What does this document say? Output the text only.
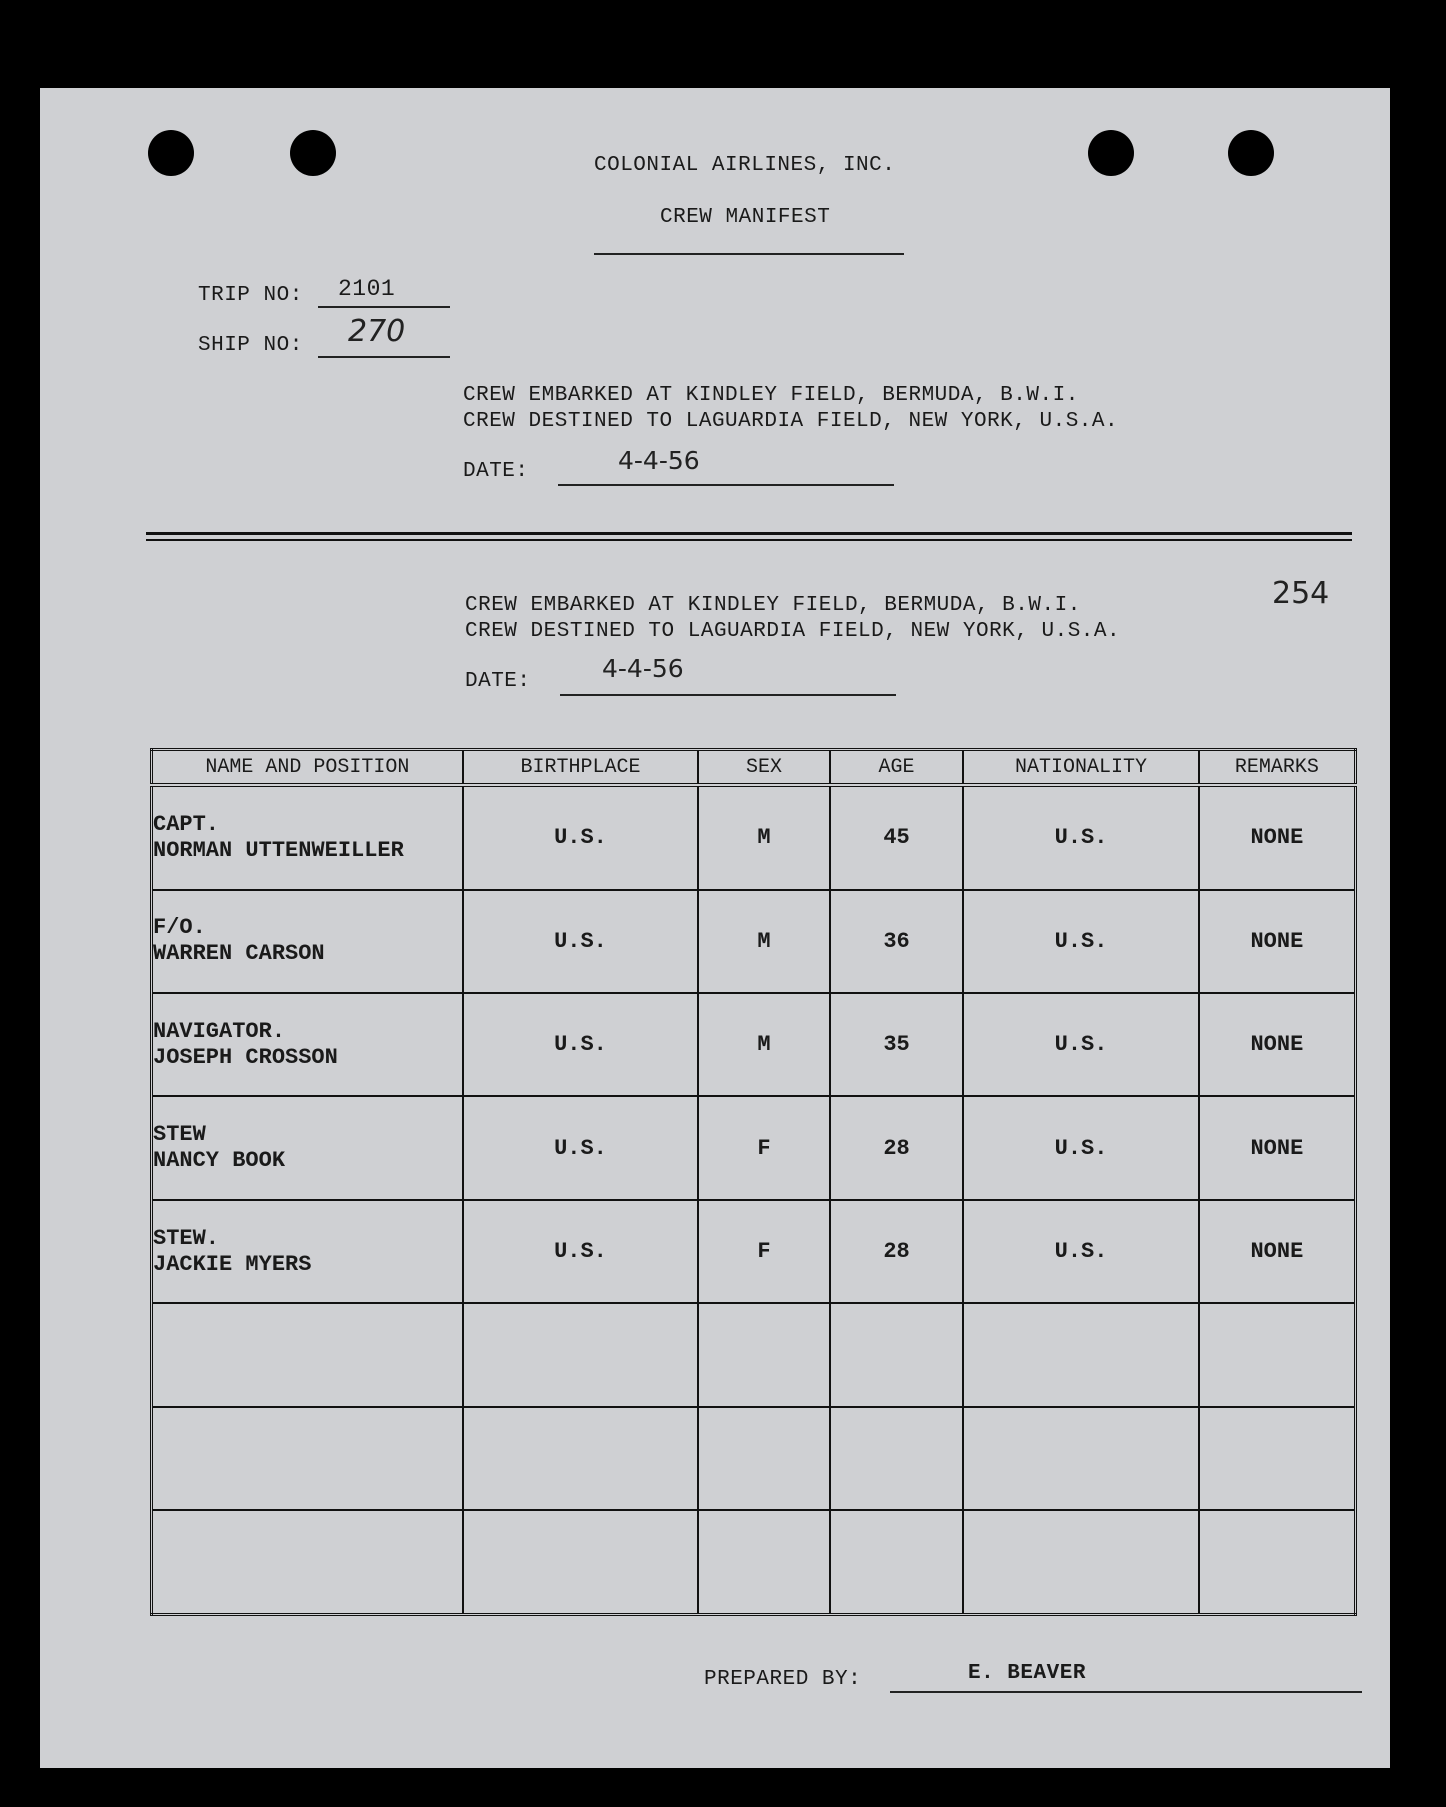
COLONIAL AIRLINES, INC.
CREW MANIFEST
TRIP NO: 2101
SHIP NO: 270
CREW EMBARKED AT KINDLEY FIELD, BERMUDA, B.W.I.
CREW DESTINED TO LAGUARDIA FIELD, NEW YORK, U.S.A.
DATE:	4-4-56
254
CREW EMBARKED AT KINDLEY FIELD, BERMUDA, B.W.I.
CREW DESTINED TO LAGUARDIA FIELD, NEW YORK, U.S.A.
DATE:	4-4-56
NAME AND POSITION	BIRTHPLACE	SEX	AGE	NATIONALITY	REMARKS

CAPT.
NORMAN UTTENWEILLER	U.S.	M	45	U.S.	NONE

F/O.
WARREN CARSON	U.S.	M	36	U.S.	NONE

NAVIGATOR.
JOSEPH CROSSON	U.S.	M	35	U.S.	NONE

STEW
NANCY BOOK	U.S.	F	28	U.S.	NONE

STEW.
JACKIE MYERS	U.S.	F	28	U.S.	NONE

PREPARED BY:	E. BEAVER
